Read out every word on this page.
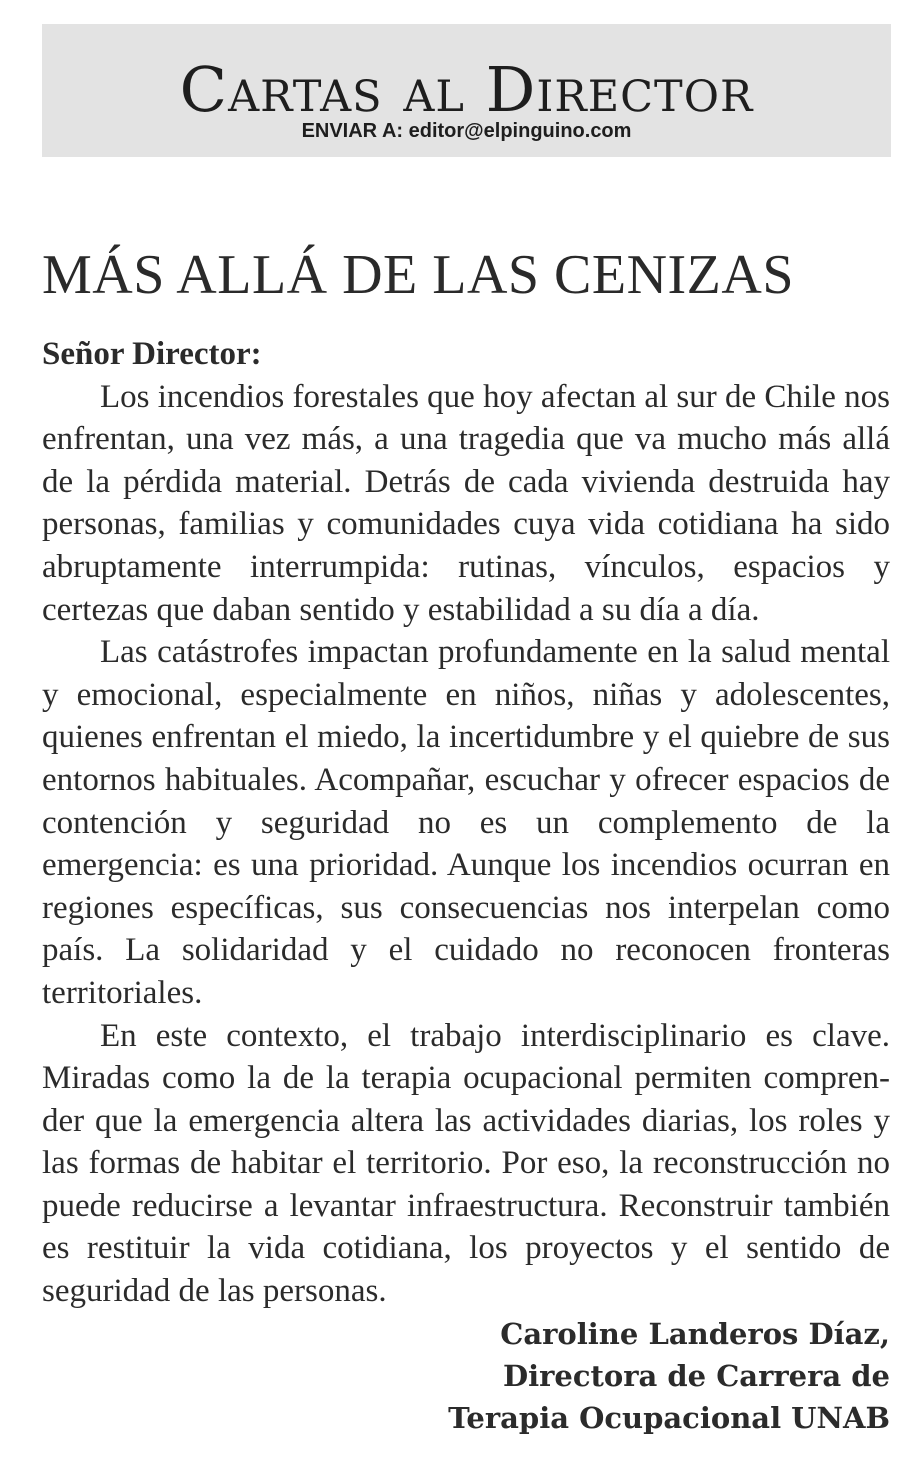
Cartas al Director
ENVIAR A: editor@elpinguino.com
MÁS ALLÁ DE LAS CENIZAS

Señor Director:

Los incendios forestales que hoy afectan al sur de Chile nos enfrentan, una vez más, a una tragedia que va mucho más allá de la pérdida material. Detrás de cada vivienda destruida hay personas, familias y comunidades cuya vida cotidiana ha sido abruptamente interrumpida: rutinas, vínculos, espacios y certezas que daban sentido y estabilidad a su día a día.

Las catástrofes impactan profundamente en la salud mental y emocional, especialmente en niños, niñas y adolescentes, quienes enfrentan el miedo, la incertidumbre y el quiebre de sus entornos habituales. Acompañar, escuchar y ofrecer espacios de contención y seguridad no es un complemento de la emergencia: es una prioridad. Aunque los incendios ocurran en regiones específicas, sus consecuencias nos interpelan como país. La solidaridad y el cuidado no reconocen fronteras territoriales.

En este contexto, el trabajo interdisciplinario es clave. Miradas como la de la terapia ocupacional permiten comprender que la emergencia altera las actividades diarias, los roles y las formas de habitar el territorio. Por eso, la reconstrucción no puede reducirse a levantar infraestructura. Reconstruir también es restituir la vida cotidiana, los proyectos y el sentido de seguridad de las personas.

Caroline Landeros Díaz,
Directora de Carrera de
Terapia Ocupacional UNAB
